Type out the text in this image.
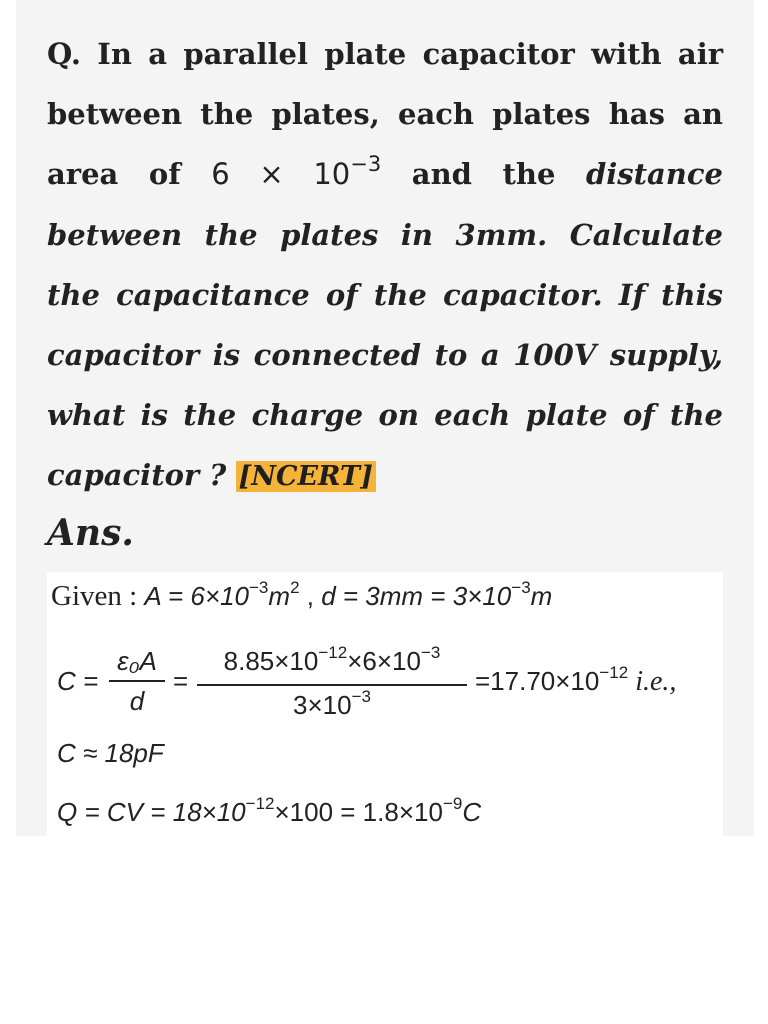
Q. In a parallel plate capacitor with air between the plates, each plates has an area of $6 \times 10^{-3}$ and the distance between the plates in 3mm. Calculate the capacitance of the capacitor. If this capacitor is connected to a 100V supply, what is the charge on each plate of the capacitor ? [NCERT]
Ans.
Given : $A = 6\times 10^{-3}m^2$ , $d = 3mm = 3\times 10^{-3}m$
C =
ε₀A
d
=
$8.85\times 10^{-12}\times 6\times 10^{-3}$
$3\times 10^{-3}$
$=17.70\times 10^{-12}$ i.e.,
C ≈ 18pF
Q = CV = $18\times 10^{-12}\times 100 = 1.8\times 10^{-9}C$
